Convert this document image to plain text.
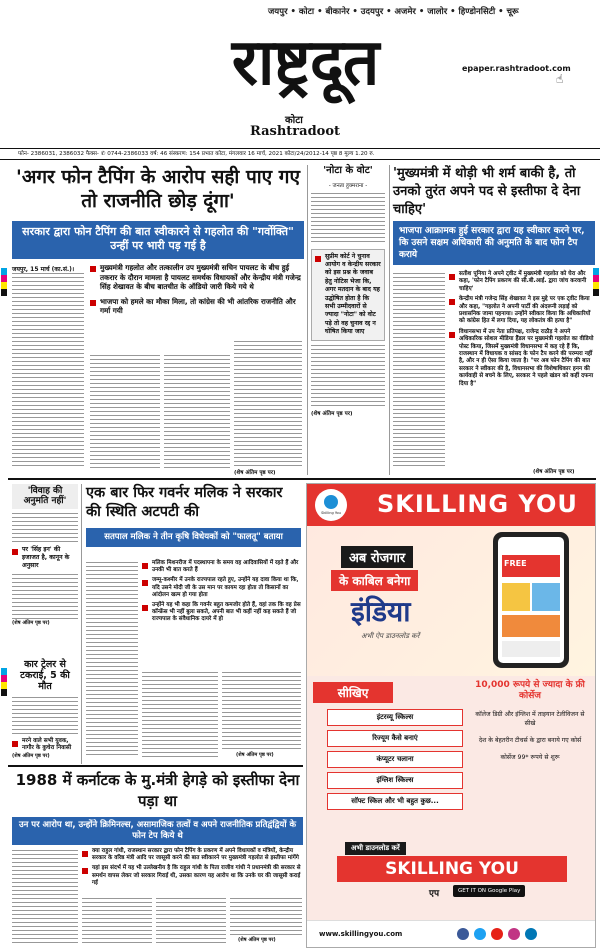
जयपुर • कोटा • बीकानेर • उदयपुर • अजमेर • जालोर • हिण्डोनसिटी • चूरू
राष्ट्रदूत
कोटा
Rashtradoot
epaper.rashtradoot.com
☝
फोन- 2386031, 2386032 फैक्स- ✆ 0744-2386033 वर्ष: 46 संस्करण: 154 प्रभात कोटा, मंगलवार 16 मार्च, 2021 कोटा/24/2012-14 पृष्ठ 8 मूल्य 1.20 रु.
'अगर फोन टैपिंग के आरोप सही पाए गए तो राजनीति छोड़ दूंगा'
सरकार द्वारा फोन टैपिंग की बात स्वीकारने से गहलोत की "गर्वोक्ति" उन्हीं पर भारी पड़ गई है
जयपुर, 15 मार्च (का.सं.)।	मुख्यमंत्री गहलोत और तत्कालीन उप मुख्यमंत्री सचिन पायलट के बीच हुई तकरार के दौरान मामला है पायलट समर्थक विधायकों और केन्द्रीय मंत्री गजेन्द्र सिंह शेखावत के बीच बातचीत के ऑडियो जारी किये गये थे
भाजपा को हमले का मौका मिला, तो कांग्रेस की भी आंतरिक राजनीति और गर्मा गयी
(शेष अंतिम पृष्ठ पर)
'नोटा के वोट'
- जनता हुक्मराना -
सुप्रीम कोर्ट ने चुनाव आयोग व केन्द्रीय सरकार को इस प्रश्न के जवाब हेतु नोटिस भेजा कि, अगर मतदान के बाद यह उद्घोषित होता है कि सभी उम्मीदवारों से ज्यादा "नोटा" को वोट पड़े तो वह चुनाव रद्द न घोषित किया जाए
(शेष अंतिम पृष्ठ पर)
'मुख्यमंत्री में थोड़ी भी शर्म बाकी है, तो उनको तुरंत अपने पद से इस्तीफा दे देना चाहिए'
भाजपा आक्रामक हुई सरकार द्वारा यह स्वीकार करने पर, कि उसने सक्षम अधिकारी की अनुमति के बाद फोन टैप कराये
सतीश पूनिया ने अपने ट्वीट में मुख्यमंत्री गहलोत को घेरा और कहा, 'फोन टैपिंग प्रकरण की सी.बी.आई. द्वारा जांच करवानी चाहिए'
केन्द्रीय मंत्री गजेन्द्र सिंह शेखावत ने इस मुद्दे पर एक ट्वीट किया और कहा, "गहलोत ने अपनी पार्टी की अंदरूनी लड़ाई को प्रशासनिक जामा पहनाया। उन्होंने स्वीकार किया कि अधिकारियों को कांग्रेस हित में लगा दिया, यह लोकतंत्र की हत्या है"
विधानसभा में उप नेता प्रतिपक्ष, राजेन्द्र राठौड़ ने अपने अधिकारिक सोशल मीडिया हैंडल पर मुख्यमंत्री गहलोत का वीडियो पोस्ट किया, जिसमें मुख्यमंत्री विधानसभा में कह रहे हैं कि, राजस्थान में विधायक व सांसद के फोन टैप करने की परम्परा नहीं है, और न ही ऐसा किया जाता है। "पर अब फोन टैपिंग की बात सरकार ने स्वीकार की है, विधानसभा की विशेषाधिकार हनन की कार्यवाही से बचने के लिए, सरकार ने पहले खंडन को कहीं दफना दिया है"
(शेष अंतिम पृष्ठ पर)
'विवाह की अनुमति नहीं'
पर 'सिंह इन' की इजाजत है, कानून के अनुसार
(शेष अंतिम पृष्ठ पर)
कार ट्रेलर से टकराई, 5 की मौत
मरने वाले सभी युवक, नागौर के कुचेरा निवासी
(शेष अंतिम पृष्ठ पर)
एक बार फिर गवर्नर मलिक ने सरकार की स्थिति अटपटी की
सतपाल मलिक ने तीन कृषि विधेयकों को "फालतू" बताया
मलिक मिशनरीज में पदस्थापना के समय वह आदिवासियों में रहते हैं और उनकी भी बात करते हैं
जम्मू-कश्मीर में उनके राज्यपाल रहते हुए, उन्होंने यह दावा किया था कि, यदि उसने मोदी जी के उस मान पर कायम रहा होता तो किसानों का आंदोलन खत्म हो गया होता
उन्होंने यह भी कहा कि गवर्नर बहुत कमजोर होते हैं, वहां तक कि वह प्रेस कॉन्फ्रेंस भी नहीं बुला सकते, अपनी बात भी कहीं नहीं कह सकते हैं जो राज्यपाल के संवैधानिक दायरे में हो
(शेष अंतिम पृष्ठ पर)
1988 में कर्नाटक के मु.मंत्री हेगड़े को इस्तीफा देना पड़ा था
उन पर आरोप था, उन्होंने क्रिमिनल्स, असामाजिक तत्वों व अपने राजनीतिक प्रतिद्वंद्वियों के फोन टेप किये थे
क्या राहुल गांधी, राजस्थान सरकार द्वारा फोन टैपिंग के प्रकरण में अपने विधायकों व मंत्रियों, केन्द्रीय सरकार के वरिष्ठ मंत्री आदि पर जासूसी करने की बात स्वीकारने पर मुख्यमंत्री गहलोत से इस्तीफा मांगेंगे
यहां इस संदर्भ में यह भी उल्लेखनीय है कि राहुल गांधी के पिता राजीव गांधी ने प्रधानमंत्री की सरकार से समर्थन वापस लेकर जो सरकार गिराई थी, उसका कारण यह आरोप था कि उनके घर की जासूसी कराई गई
(शेष अंतिम पृष्ठ पर)
Skilling You SKILLING YOU
अब रोजगार
के काबिल बनेगा
इंडिया
अभी ऐप डाउनलोड करें
FREE
सीखिए
इंटरव्यू स्किल्स
रिज्यूम कैसे बनाएं
कंप्यूटर चलाना
इंग्लिश स्किल्स
सॉफ्ट स्किल और भी बहुत कुछ...
10,000 रूपये से ज्यादा के फ्री कोर्सेज
कॉलेज डिग्री और इंग्लिश में ताइयान टेलीविजन से सीखे
देश के बेहतरीन टीचर्स के द्वारा बनाये गए कोर्स
कोर्सेज 99* रूपये से शुरू
अभी डाउनलोड करें
SKILLING YOU
एप	GET IT ON Google Play
www.skillingyou.com
